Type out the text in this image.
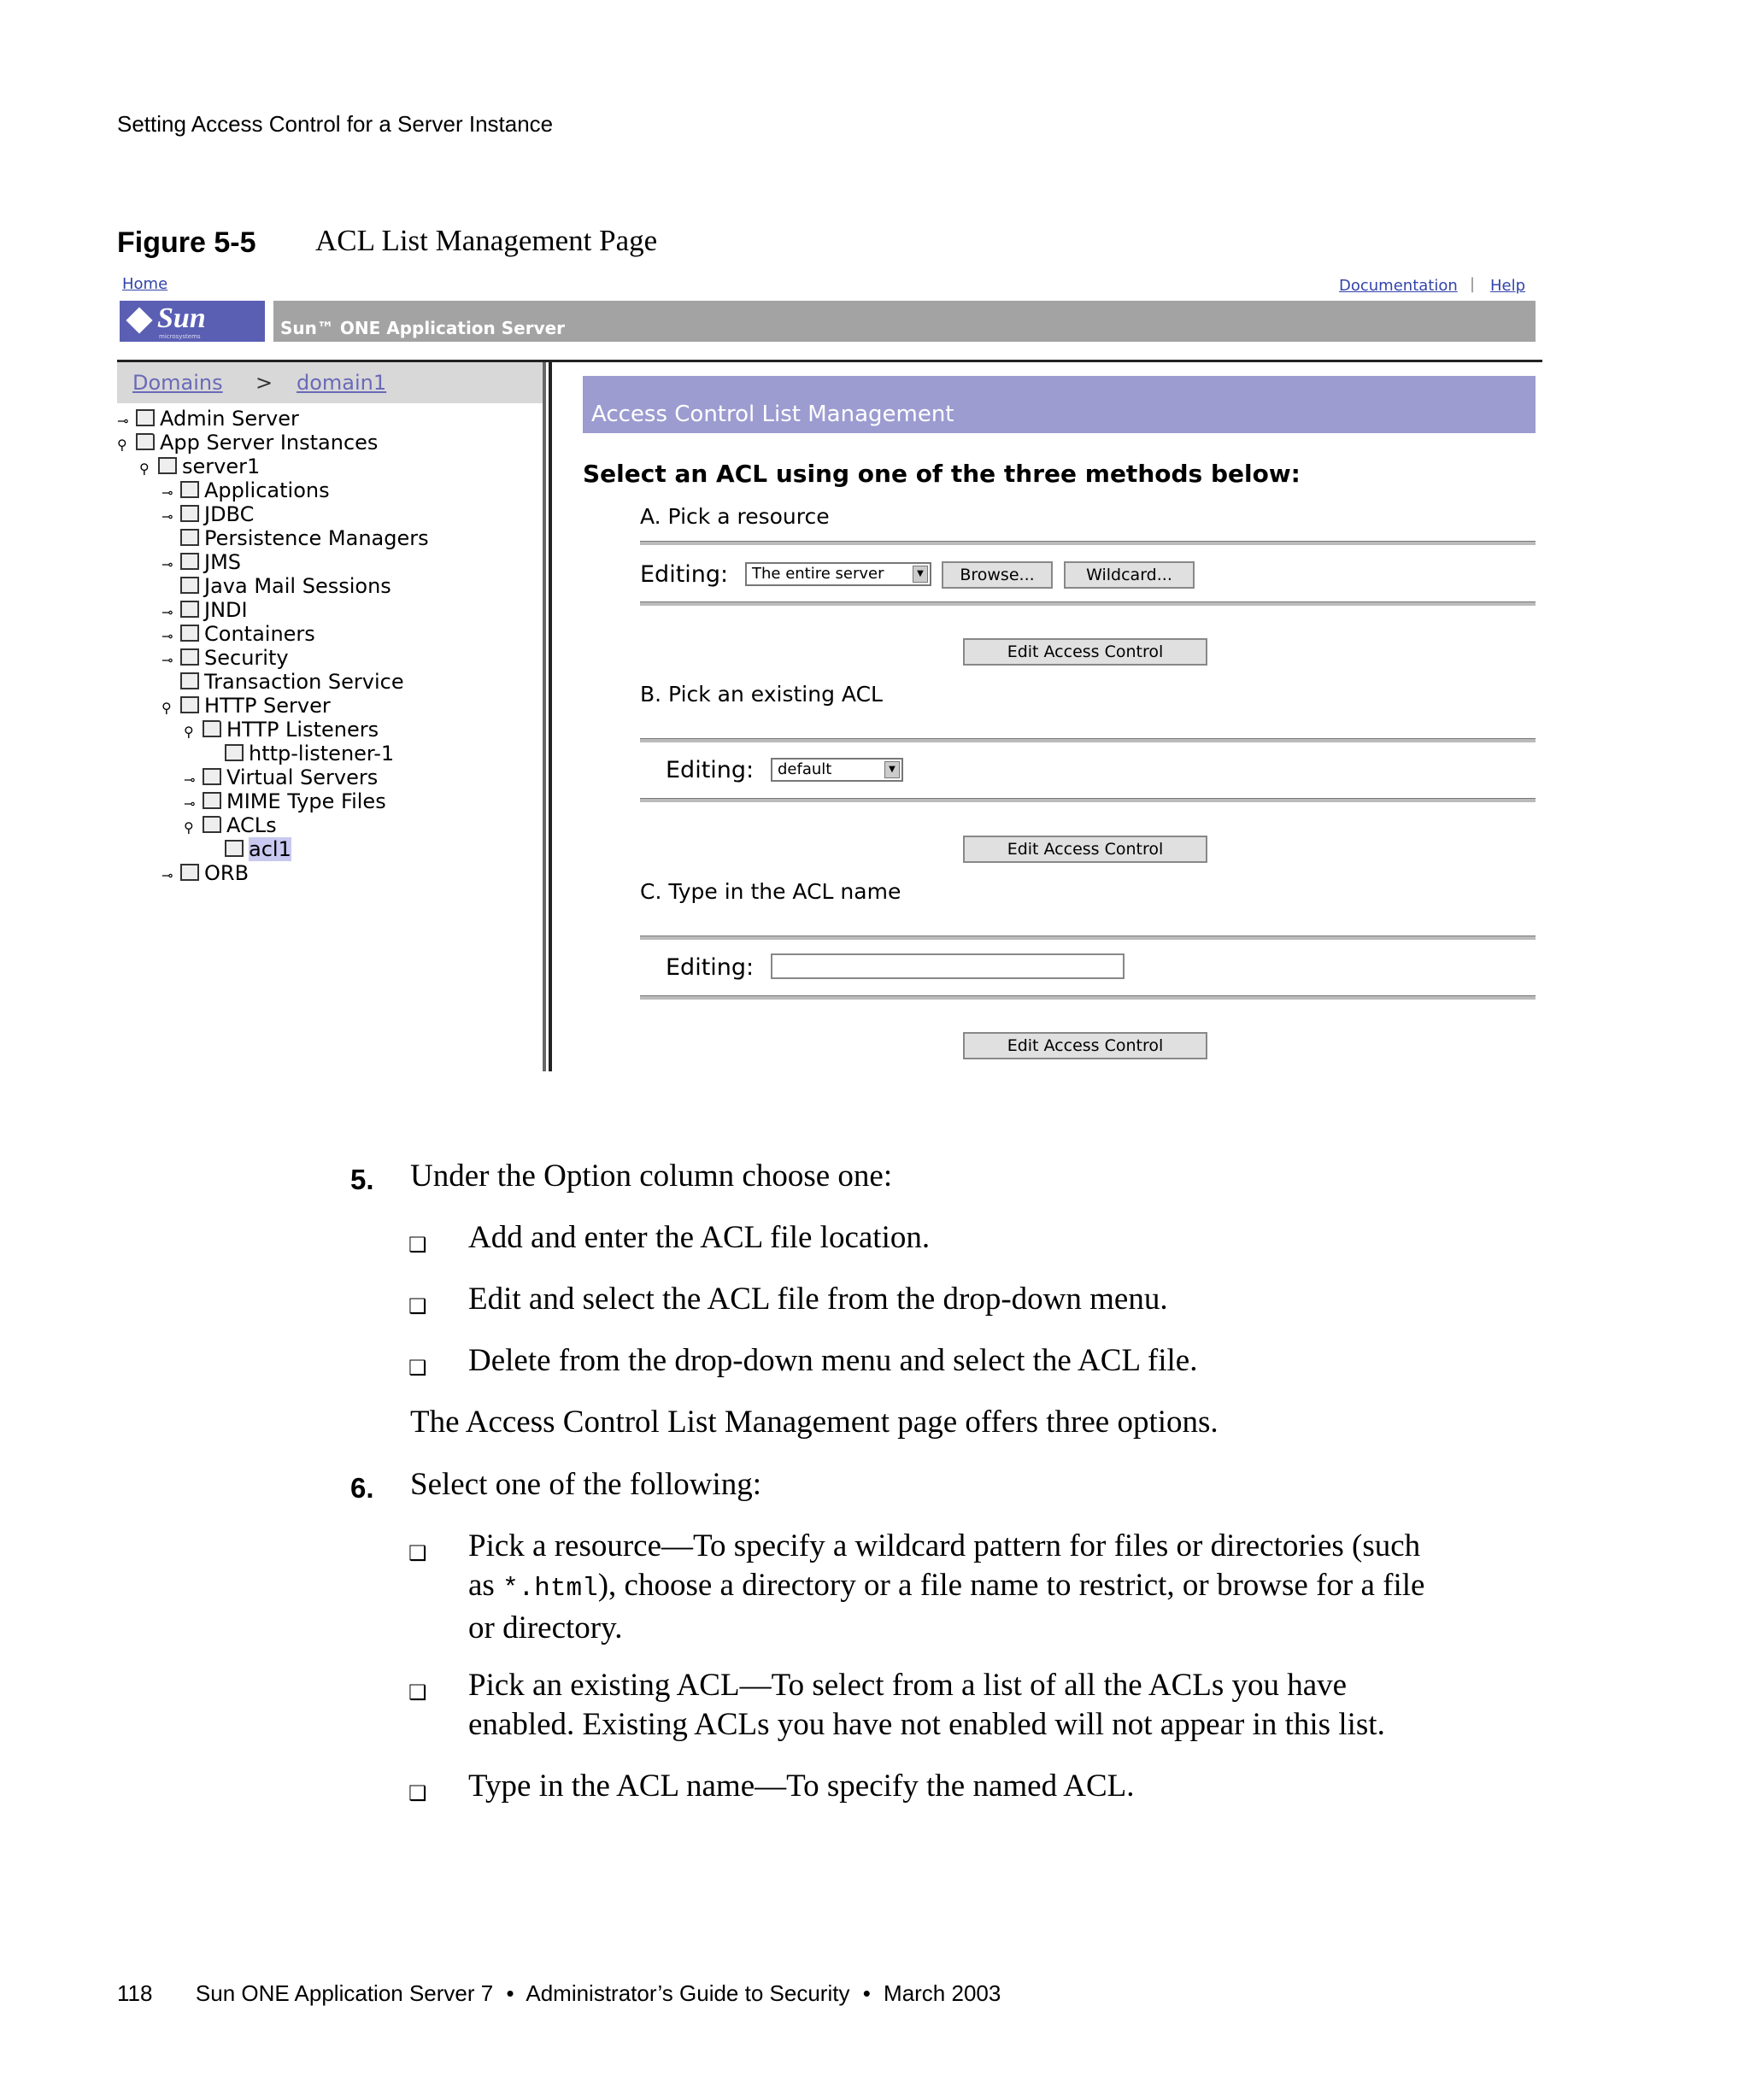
Setting Access Control for a Server Instance
Figure 5-5 ACL List Management Page
Home	Documentation | Help
Sun
microsystems	Sun™ ONE Application Server
Domains > domain1
⊸ Admin Server
⚲ App Server Instances
⚲ server1
⊸ Applications
⊸ JDBC
Persistence Managers
⊸ JMS
Java Mail Sessions
⊸ JNDI
⊸ Containers
⊸ Security
Transaction Service
⚲ HTTP Server
⚲ HTTP Listeners
http-listener-1
⊸ Virtual Servers
⊸ MIME Type Files
⚲ ACLs
acl1
⊸ ORB
Access Control List Management
Select an ACL using one of the three methods below:
A. Pick a resource
Editing:	The entire server	▼	Browse...	Wildcard...
Edit Access Control
B. Pick an existing ACL
Editing:	default	▼
Edit Access Control
C. Type in the ACL name
Editing:
Edit Access Control
5. Under the Option column choose one:
❑ Add and enter the ACL file location.
❑ Edit and select the ACL file from the drop-down menu.
❑ Delete from the drop-down menu and select the ACL file.
The Access Control List Management page offers three options.
6. Select one of the following:
❑ Pick a resource—To specify a wildcard pattern for files or directories (such
as *.html), choose a directory or a file name to restrict, or browse for a file
or directory.
❑ Pick an existing ACL—To select from a list of all the ACLs you have
enabled. Existing ACLs you have not enabled will not appear in this list.
❑ Type in the ACL name—To specify the named ACL.
118 Sun ONE Application Server 7 • Administrator’s Guide to Security • March 2003
